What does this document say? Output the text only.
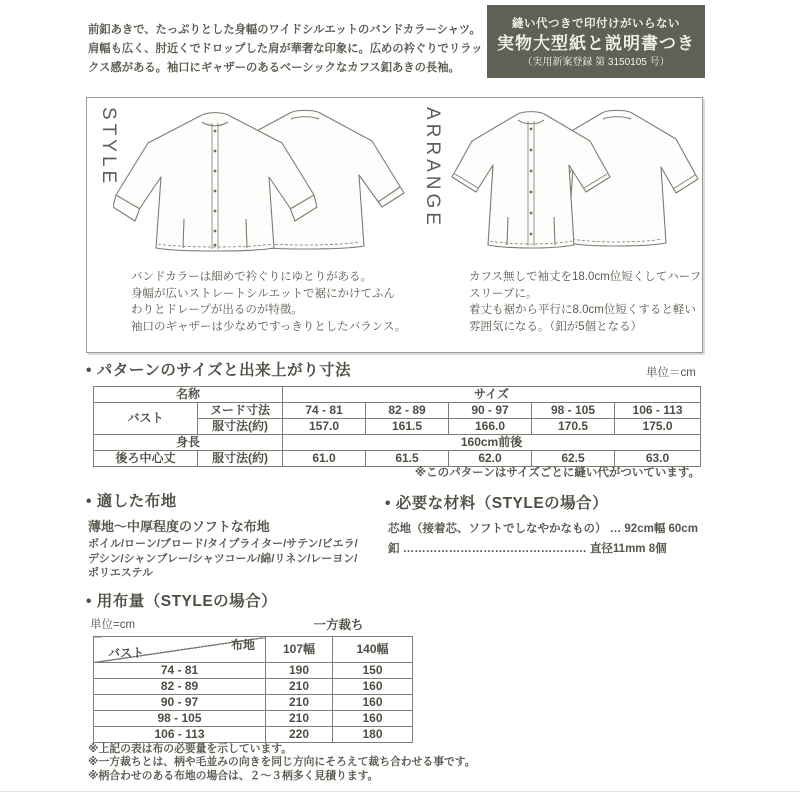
前釦あきで、たっぷりとした身幅のワイドシルエットのバンドカラーシャツ。
肩幅も広く、肘近くでドロップした肩が華奢な印象に。広めの衿ぐりでリラッ
クス感がある。袖口にギャザーのあるベーシックなカフス釦あきの長袖。
縫い代つきで印付けがいらない
実物大型紙と説明書つき
（実用新案登録 第 3150105 号）
STYLE	ARRANGE
バンドカラーは細めで衿ぐりにゆとりがある。
身幅が広いストレートシルエットで裾にかけてふん
わりとドレープが出るのが特徴。
袖口のギャザーは少なめですっきりとしたバランス。
カフス無しで袖丈を18.0cm位短くしてハーフ
スリーブに。
着丈も裾から平行に8.0cm位短くすると軽い
雰囲気になる。（釦が5個となる）
• パターンのサイズと出来上がり寸法	単位＝cm
名称		サイズ				
バスト	ヌード寸法	74 - 81	82 - 89	90 - 97	98 - 105	106 - 113
	服寸法(約)	157.0	161.5	166.0	170.5	175.0
身長		160cm前後				
後ろ中心丈	服寸法(約)	61.0	61.5	62.0	62.5	63.0
※このパターンはサイズごとに縫い代がついています。
• 適した布地
薄地〜中厚程度のソフトな布地
ボイル/ローン/ブロード/タイプライター/サテン/ビエラ/
デシン/シャンブレー/シャツコール/綿/リネン/レーヨン/
ポリエステル
• 必要な材料（STYLEの場合）
芯地（接着芯、ソフトでしなやかなもの） … 92cm幅 60cm
釦 ………………………………………… 直径11mm 8個
• 用布量（STYLEの場合）
単位=cm	一方裁ち
布地
バスト	107幅	140幅
74 - 81	190	150
82 - 89	210	160
90 - 97	210	160
98 - 105	210	160
106 - 113	220	180
※上記の表は布の必要量を示しています。
※一方裁ちとは、柄や毛並みの向きを同じ方向にそろえて裁ち合わせる事です。
※柄合わせのある布地の場合は、２〜３柄多く見積ります。
